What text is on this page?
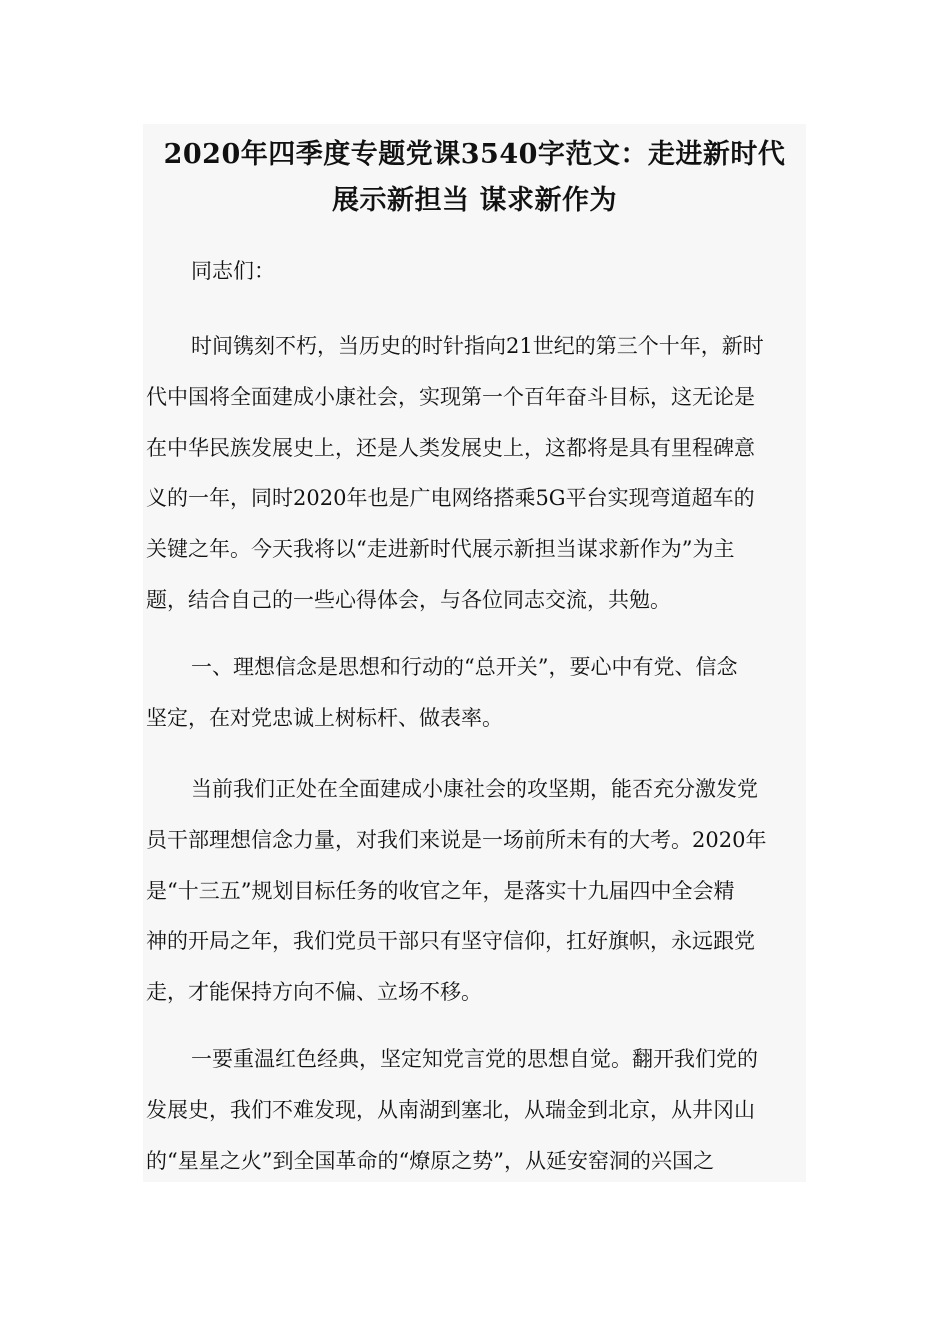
2020年四季度专题党课3540字范文：走进新时代
展示新担当 谋求新作为
同志们：
时间镌刻不朽，当历史的时针指向21世纪的第三个十年，新时
代中国将全面建成小康社会，实现第一个百年奋斗目标，这无论是
在中华民族发展史上，还是人类发展史上，这都将是具有里程碑意
义的一年，同时2020年也是广电网络搭乘5G平台实现弯道超车的
关键之年。今天我将以“走进新时代展示新担当谋求新作为”为主
题，结合自己的一些心得体会，与各位同志交流，共勉。
一、理想信念是思想和行动的“总开关”，要心中有党、信念
坚定，在对党忠诚上树标杆、做表率。
当前我们正处在全面建成小康社会的攻坚期，能否充分激发党
员干部理想信念力量，对我们来说是一场前所未有的大考。2020年
是“十三五”规划目标任务的收官之年，是落实十九届四中全会精
神的开局之年，我们党员干部只有坚守信仰，扛好旗帜，永远跟党
走，才能保持方向不偏、立场不移。
一要重温红色经典，坚定知党言党的思想自觉。翻开我们党的
发展史，我们不难发现，从南湖到塞北，从瑞金到北京，从井冈山
的“星星之火”到全国革命的“燎原之势”，从延安窑洞的兴国之
